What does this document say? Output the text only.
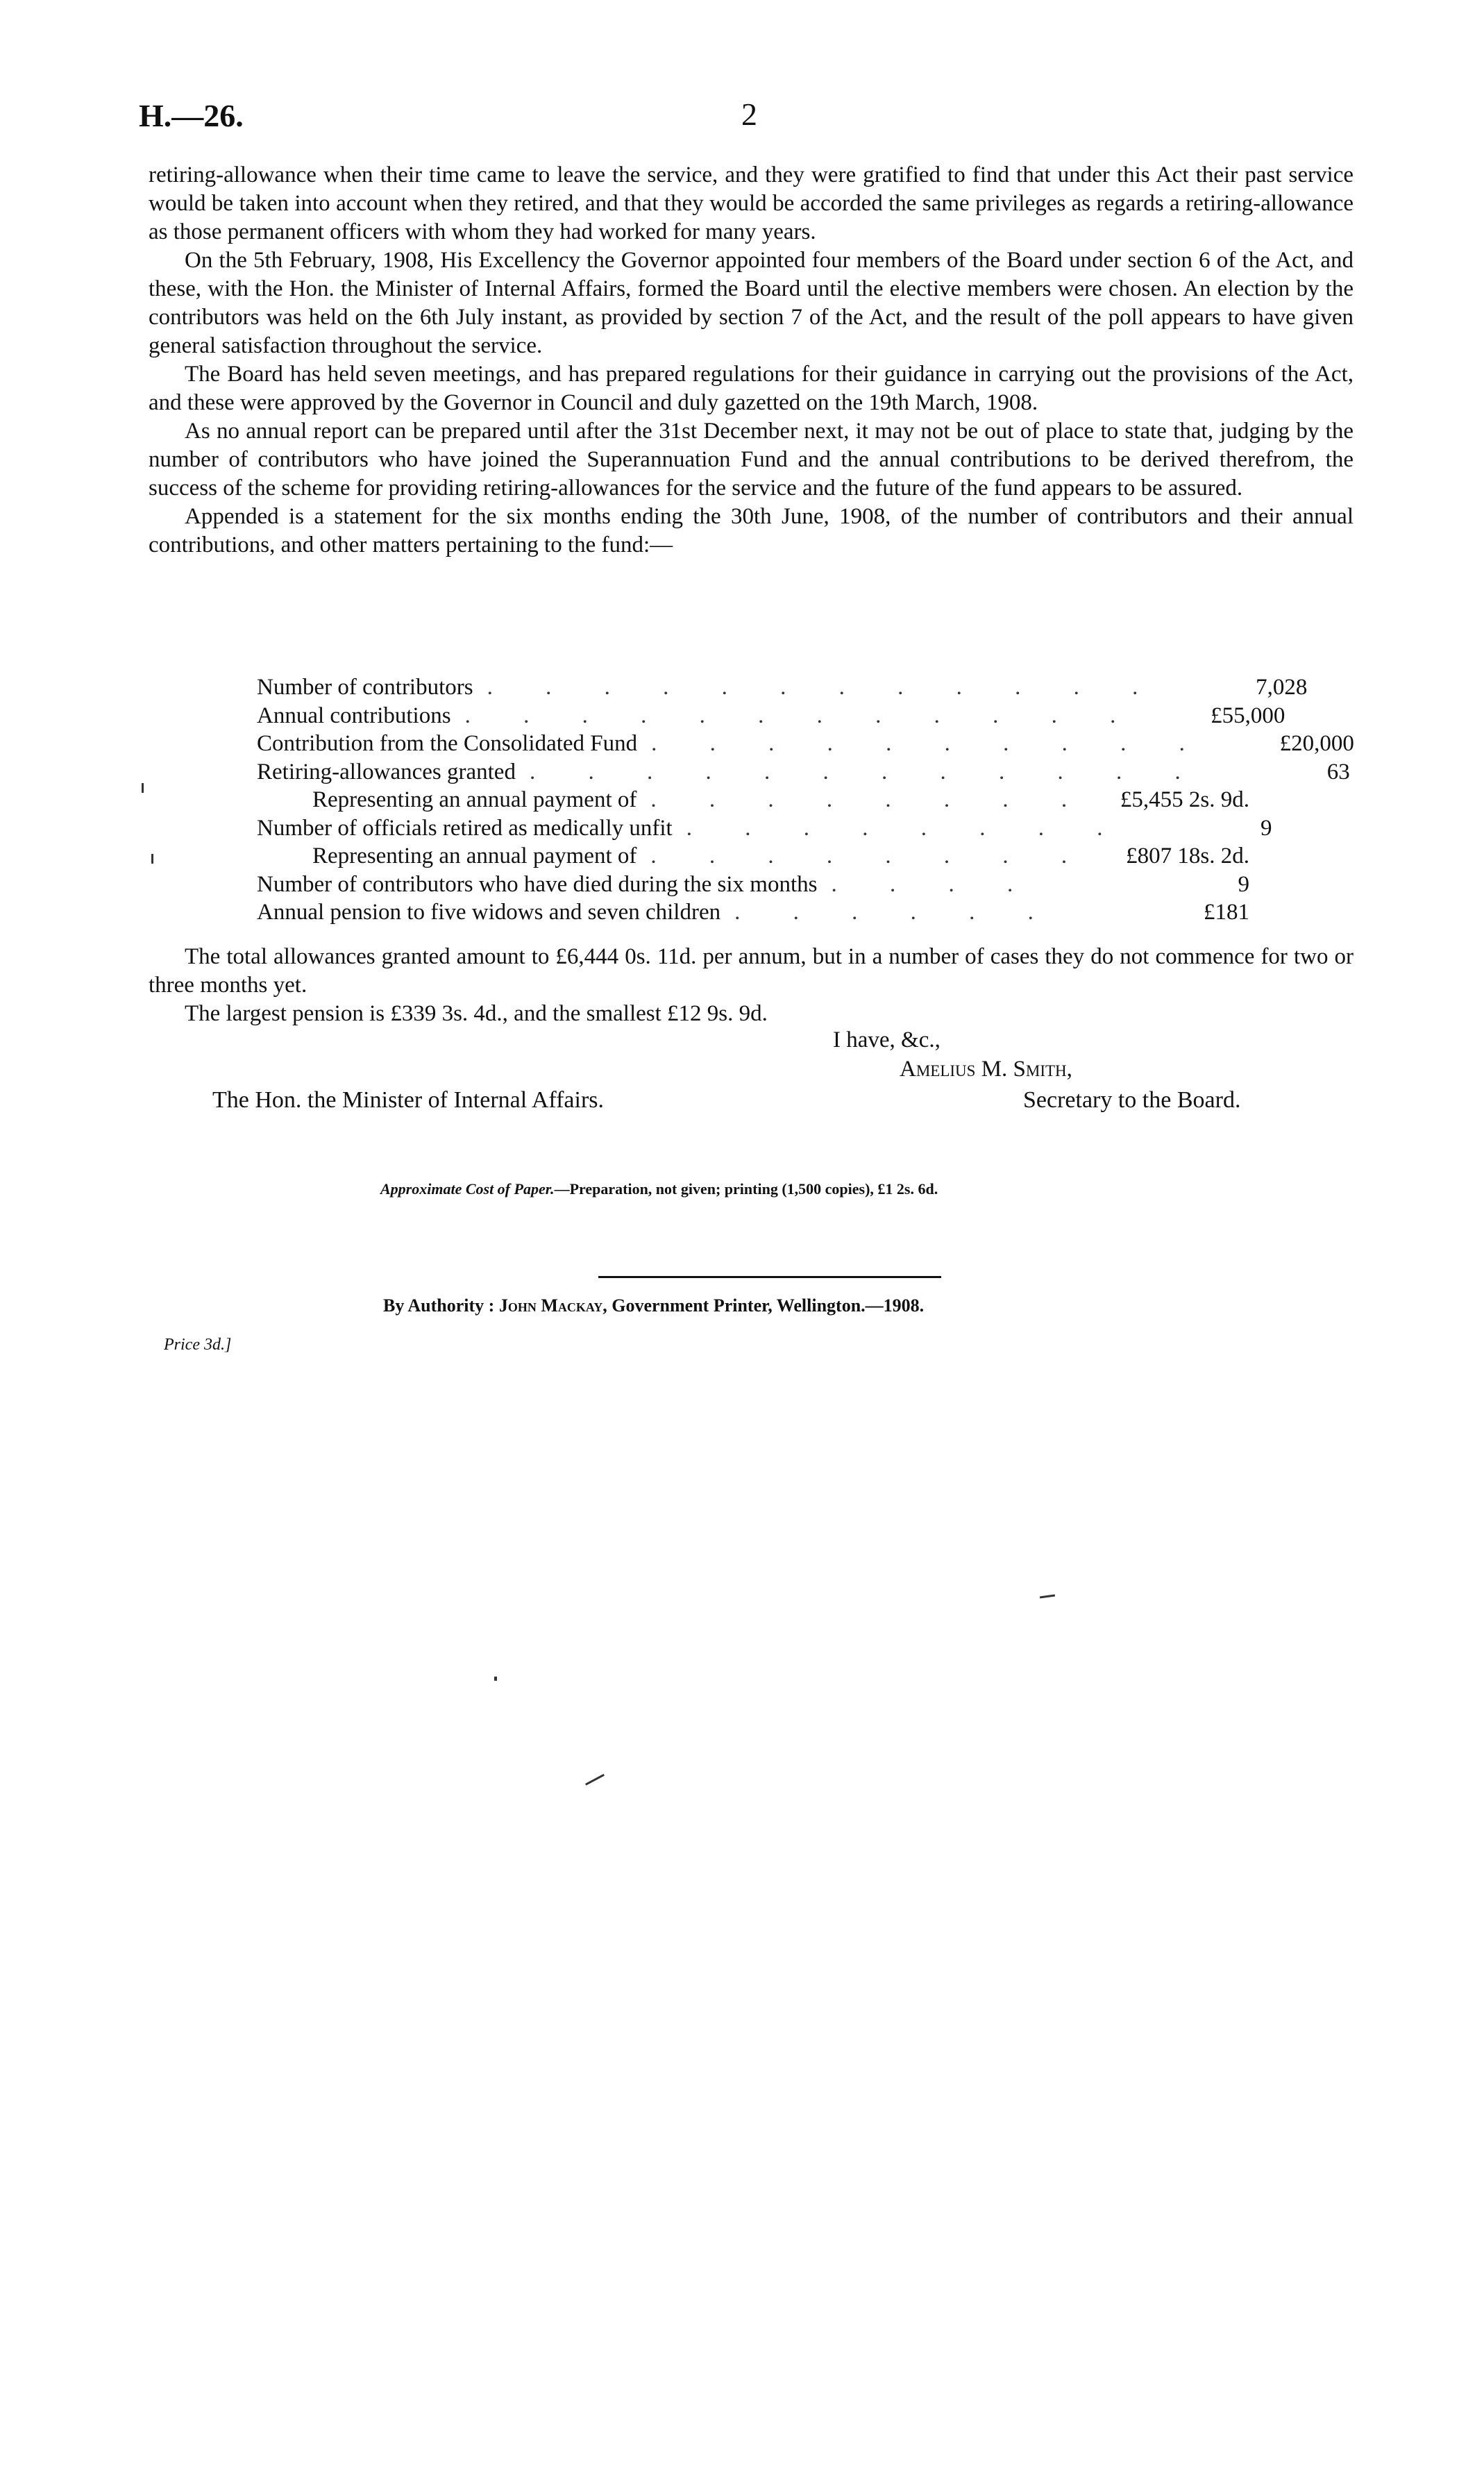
H.—26.	2

retiring-allowance when their time came to leave the service, and they were gratified to find that under this Act their past service would be taken into account when they retired, and that they would be accorded the same privileges as regards a retiring-allowance as those permanent officers with whom they had worked for many years.

On the 5th February, 1908, His Excellency the Governor appointed four members of the Board under section 6 of the Act, and these, with the Hon. the Minister of Internal Affairs, formed the Board until the elective members were chosen. An election by the contributors was held on the 6th July instant, as provided by section 7 of the Act, and the result of the poll appears to have given general satisfaction throughout the service.

The Board has held seven meetings, and has prepared regulations for their guidance in carrying out the provisions of the Act, and these were approved by the Governor in Council and duly gazetted on the 19th March, 1908.

As no annual report can be prepared until after the 31st December next, it may not be out of place to state that, judging by the number of contributors who have joined the Superannuation Fund and the annual contributions to be derived therefrom, the success of the scheme for providing retiring-allowances for the service and the future of the fund appears to be assured.

Appended is a statement for the six months ending the 30th June, 1908, of the number of contributors and their annual contributions, and other matters pertaining to the fund:—

Number of contributors . . . . . . . . . . . .	7,028
Annual contributions . . . . . . . . . . . .	£55,000
Contribution from the Consolidated Fund . . . . . . . . . .	£20,000
Retiring-allowances granted . . . . . . . . . . . .	63
Representing an annual payment of . . . . . . . .	£5,455 2s. 9d.
Number of officials retired as medically unfit . . . . . . . .	9
Representing an annual payment of . . . . . . . .	£807 18s. 2d.
Number of contributors who have died during the six months . . . .	9
Annual pension to five widows and seven children . . . . . .	£181

The total allowances granted amount to £6,444 0s. 11d. per annum, but in a number of cases they do not commence for two or three months yet.

The largest pension is £339 3s. 4d., and the smallest £12 9s. 9d.

I have, &c.,
Amelius M. Smith,
The Hon. the Minister of Internal Affairs.	Secretary to the Board.
Approximate Cost of Paper.—Preparation, not given; printing (1,500 copies), £1 2s. 6d.
By Authority : John Mackay, Government Printer, Wellington.—1908.
Price 3d.]
